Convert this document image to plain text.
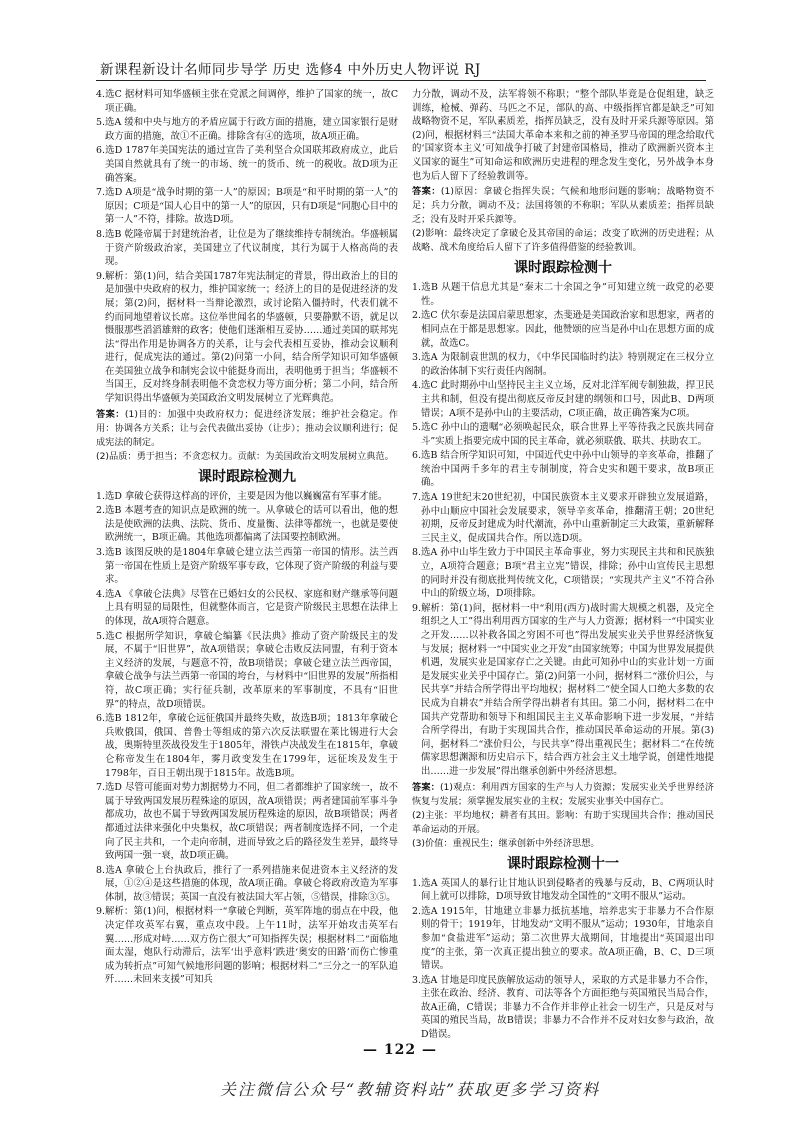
新课程新设计名师同步导学 历史 选修4 中外历史人物评说 RJ

4.选C 据材料可知华盛顿主张在党派之间调停，维护了国家的统一，故C项正确。

5.选A 缓和中央与地方的矛盾应属于行政方面的措施，建立国家银行是财政方面的措施，故①不正确。排除含有④的选项，故A项正确。

6.选D 1787年美国宪法的通过宣告了美利坚合众国联邦政府成立，此后美国自然就具有了统一的市场、统一的货币、统一的税收。故D项为正确答案。

7.选D A项是“战争时期的第一人”的原因；B项是“和平时期的第一人”的原因；C项是“国人心目中的第一人”的原因，只有D项是“同胞心目中的第一人”不符，排除。故选D项。

8.选B 乾隆帝属于封建统治者，让位是为了继续维持专制统治。华盛顿属于资产阶级政治家，美国建立了代议制度，其行为属于人格高尚的表现。

9.解析：第(1)问，结合美国1787年宪法制定的背景，得出政治上的目的是加强中央政府的权力，维护国家统一；经济上的目的是促进经济的发展；第(2)问，据材料一当辩论激烈，或讨论陷入僵持时，代表们就不约而同地望着议长席。这位举世闻名的华盛顿，只要静默不语，就足以慑服那些滔滔雄辩的政客；使他们迷渐相互妥协……通过美国的联邦宪法“得出作用是协调各方的关系，让与会代表相互妥协，推动会议顺利进行，促成宪法的通过。第(2)问第一小问，结合所学知识可知华盛顿在美国独立战争和制宪会议中能挺身而出，表明他勇于担当；华盛顿不当国王，反对终身制表明他不贪恋权力等方面分析；第二小问，结合所学知识得出华盛顿为美国政治文明发展树立了光辉典范。

答案：(1)目的：加强中央政府权力；促进经济发展；维护社会稳定。作用：协调各方关系；让与会代表做出妥协（让步）；推动会议顺利进行；促成宪法的制定。
(2)品质：勇于担当；不贪恋权力。贡献：为美国政治文明发展树立典范。
课时跟踪检测九

1.选D 拿破仑获得这样高的评价，主要是因为他以巍巍富有军事才能。

2.选B 本题考查的知识点是欧洲的统一。从拿破仑的话可以看出，他的想法是使欧洲的法典、法院、货币、度量衡、法律等都统一，也就是要使欧洲统一，B项正确。其他选项都偏离了法国要控制欧洲。

3.选B 该图反映的是1804年拿破仑建立法兰西第一帝国的情形。法兰西第一帝国在性质上是资产阶级军事专政，它体现了资产阶级的利益与要求。

4.选A 《拿破仑法典》尽管在已婚妇女的公民权、家庭和财产继承等问题上具有明显的局限性，但就整体而言，它是资产阶级民主思想在法律上的体现，故A项符合题意。

5.选C 根据所学知识，拿破仑编纂《民法典》推动了资产阶级民主的发展，不属于“旧世界”，故A项错误；拿破仑击败反法同盟，有利于资本主义经济的发展，与题意不符，故B项错误；拿破仑建立法兰西帝国，拿破仑战争与法兰西第一帝国的垮台，与材料中“旧世界的发展”所指相符，故C项正确；实行征兵制，改革原来的军事制度，不具有“旧世界”的特点，故D项错误。

6.选B 1812年，拿破仑远征俄国并最终失败，故选B项；1813年拿破仑兵败俄国，俄国、普鲁士等组成的第六次反法联盟在莱比锡进行大会战，奥斯特里茨战役发生于1805年，滑铁卢决战发生在1815年，拿破仑称帝发生在1804年，雾月政变发生在1799年，远征埃及发生于1798年，百日王朝出现于1815年。故选B项。

7.选D 尽管可能面对势力割据势力不同，但二者都维护了国家统一，故不属于导致两国发展历程殊途的原因，故A项错误；两者建国前军事斗争都成功，故也不属于导致两国发展历程殊途的原因，故B项错误；两者都通过法律来强化中央集权，故C项错误；两者制度选择不同，一个走向了民主共和，一个走向帝制，进而导致之后的路径发生差异，最终导致两国一强一衰，故D项正确。

8.选A 拿破仑上台执政后，推行了一系列措施来促进资本主义经济的发展，①②④是这些措施的体现，故A项正确。拿破仑将政府改造为军事体制，故③错误；英国一直没有被法国大军占领，⑤错误，排除③⑤。

9.解析：第(1)问，根据材料一“拿破仑判断，英军阵地的弱点在中段，他决定佯攻英军右翼，重点攻中段。上午11时，法军开始攻击英军右翼……形成对峙……双方伤亡很大”可知指挥失误；根据材料二“面临地面太湿，炮队行动滞后，法军‘出乎意料’跌进‘奥安的田路’而伤亡惨重成为转折点”可知气候地形问题的影响；根据材料二“三分之一的军队追歼……未回来支援”可知兵

力分散，调动不及，法军将领不称职；“整个部队毕竟是仓促组建，缺乏训练，枪械、弹药、马匹之不足，部队的高、中级指挥官都是缺乏”可知战略物资不足，军队素质差，指挥员缺乏，没有及时开采兵源等原因。第(2)问，根据材料三“法国大革命本来和之前的神圣罗马帝国的理念给取代的‘国家资本主义’可知战争打破了封建帝国格局，推动了欧洲新兴资本主义国家的诞生”可知命运和欧洲历史进程的理念发生变化，另外战争本身也为后人留下了经验教训等。

答案：(1)原因：拿破仑指挥失误；气候和地形问题的影响；战略物资不足；兵力分散，调动不及；法国将领的不称职；军队从素质差；指挥员缺乏；没有及时开采兵源等。
(2)影响：最终决定了拿破仑及其帝国的命运；改变了欧洲的历史进程；从战略、战术角度给后人留下了许多值得借鉴的经验教训。
课时跟踪检测十

1.选B 从题干信息尤其是“秦末二十余国之争”可知建立统一政党的必要性。

2.选C 伏尔泰是法国启蒙思想家，杰斐逊是美国政治家和思想家，两者的相同点在于都是思想家。因此，他赞颂的应当是孙中山在思想方面的成就，故选C。

3.选A 为限制袁世凯的权力，《中华民国临时约法》特别规定在三权分立的政治体制下实行责任内阁制。

4.选C 此时期孙中山坚持民主主义立场，反对北洋军阀专制独裁，捍卫民主共和制，但没有提出彻底反帝反封建的纲领和口号，因此B、D两项错误；A项不是孙中山的主要活动，C项正确，故正确答案为C项。

5.选C 孙中山的遗嘱“必须唤起民众，联合世界上平等待我之民族共同奋斗”实质上指要完成中国的民主革命，就必须联俄、联共、扶助农工。

6.选B 结合所学知识可知，中国近代史中孙中山领导的辛亥革命，推翻了统治中国两千多年的君主专制制度，符合史实和题干要求，故B项正确。

7.选A 19世纪末20世纪初，中国民族资本主义要求开辟独立发展道路，孙中山顺应中国社会发展要求，领导辛亥革命，推翻清王朝；20世纪初期，反帝反封建成为时代潮流，孙中山重新制定三大政策，重新解释三民主义，促成国共合作。所以选D项。

8.选A 孙中山毕生致力于中国民主革命事业，努力实现民主共和和民族独立，A项符合题意；B项“君主立宪”错误，排除；孙中山宣传民主思想的同时并没有彻底批判传统文化，C项错误；“实现共产主义”不符合孙中山的阶级立场，D项排除。

9.解析：第(1)问，据材料一中“利用(西方)战时需大规模之机器，及完全组织之人工”得出利用西方国家的生产与人力资源；据材料一“中国实业之开发……以补救各国之穷困不可也”得出发展实业关乎世界经济恢复与发展；据材料一“中国实业之开发”由国家统筹；中国为世界发展提供机遇，发展实业是国家存亡之关键。由此可知孙中山的实业计划一方面是发展实业关乎中国存亡。第(2)问第一小问，据材料二“涨价归公，与民共享”并结合所学得出平均地权；据材料二“使全国人口绝大多数的农民成为自耕农”并结合所学得出耕者有其田。第二小问，据材料二在中国共产党帮助和领导下和组国民主主义革命影响下进一步发展，“并结合所学得出，有助于实现国共合作，推动国民革命运动的开展。第(3)问，据材料二“涨价归公，与民共享”得出重视民生；据材料二“在传统儒家思想渊源和历史启示下，结合西方社会主义土地学说，创建性地提出……进一步发展”得出继承创新中外经济思想。

答案：(1)观点：利用西方国家的生产与人力资源；发展实业关乎世界经济恢复与发展；须掌握发展实业的主权；发展实业事关中国存亡。
(2)主张：平均地权；耕者有其田。影响：有助于实现国共合作；推动国民革命运动的开展。
(3)价值：重视民生；继承创新中外经济思想。
课时跟踪检测十一

1.选A 英国人的暴行让甘地认识到侵略者的残暴与反动，B、C两项认时间上就可以排除，D项导致甘地发动全国性的“文明不服从”运动。

2.选A 1915年，甘地建立非暴力抵抗基地，培养忠实于非暴力不合作原则的骨干；1919年，甘地发动“文明不服从”运动；1930年，甘地亲自参加“食盐进军”运动；第二次世界大战期间，甘地提出“英国退出印度”的主张，第一次真正提出独立的要求。故A项正确，B、C、D三项错误。

3.选A 甘地是印度民族解放运动的领导人，采取的方式是非暴力不合作，主张在政治、经济、教育、司法等各个方面拒绝与英国殖民当局合作，故A正确，C错误；非暴力不合作并非停止社会一切生产，只是反对与英国的殖民当局，故B错误；非暴力不合作并不反对妇女参与政治，故D错误。

— 122 —
关注微信公众号“教辅资料站”获取更多学习资料
